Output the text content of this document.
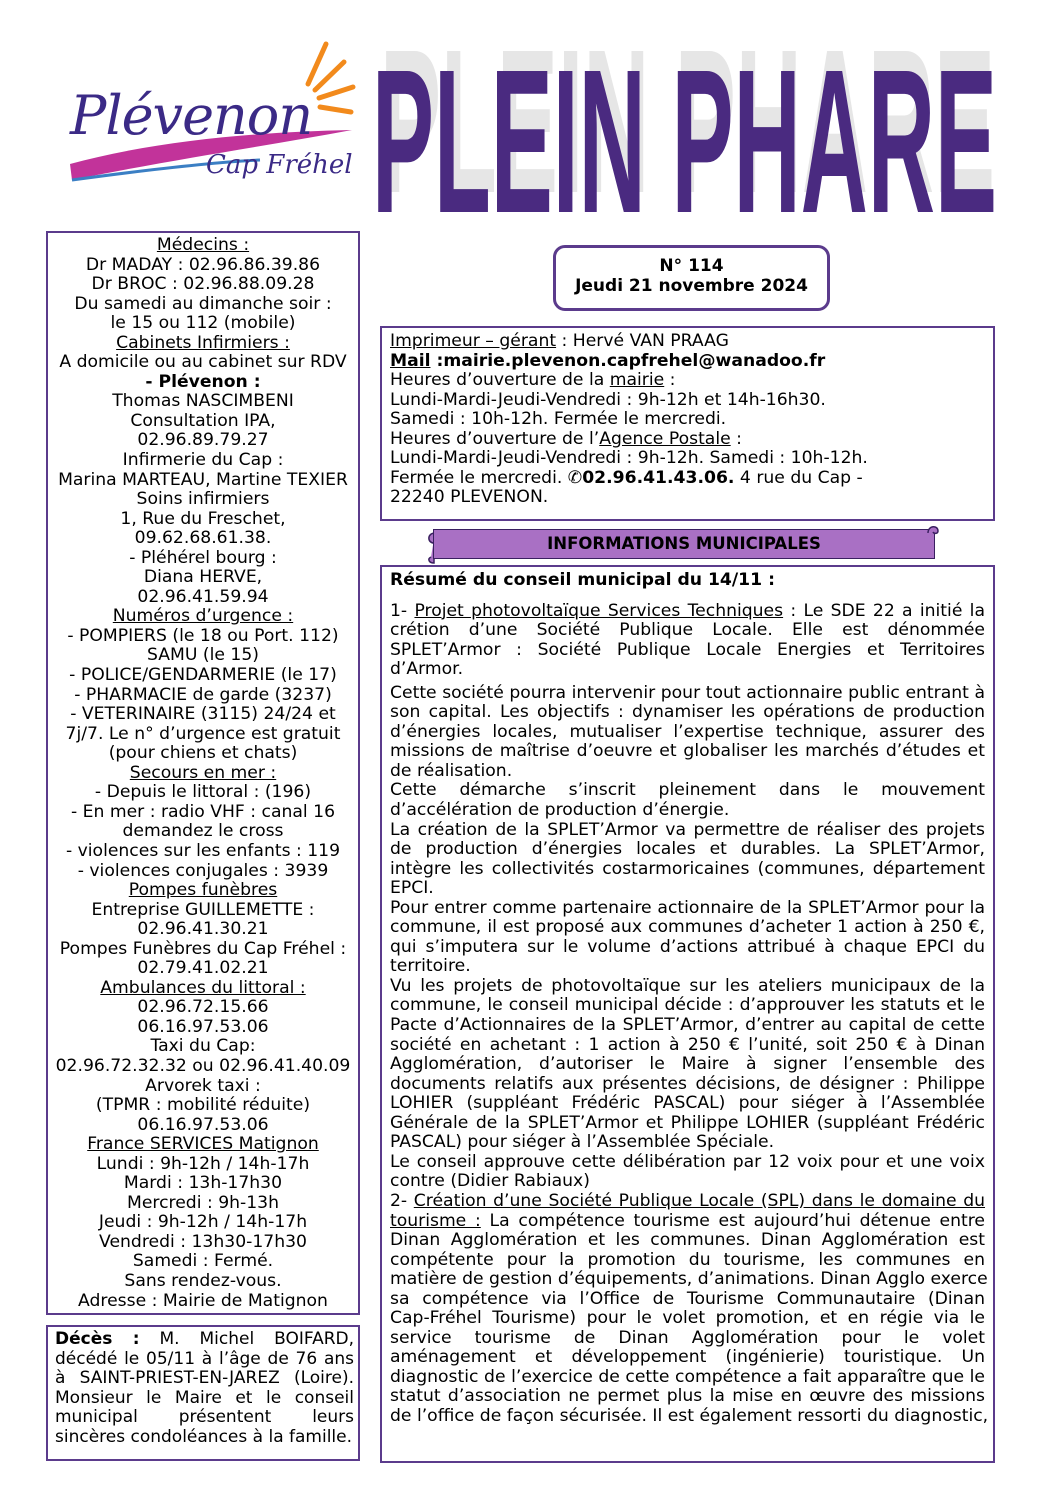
Plévenon
Cap Fréhel PLEIN PHARE
PLEIN PHARE
Médecins :
Dr MADAY : 02.96.86.39.86
Dr BROC : 02.96.88.09.28
Du samedi au dimanche soir :
le 15 ou 112 (mobile)
Cabinets Infirmiers :
A domicile ou au cabinet sur RDV
- Plévenon :
Thomas NASCIMBENI
Consultation IPA,
02.96.89.79.27
Infirmerie du Cap :
Marina MARTEAU, Martine TEXIER
Soins infirmiers
1, Rue du Freschet,
09.62.68.61.38.
- Pléhérel bourg :
Diana HERVE,
02.96.41.59.94
Numéros d’urgence :
- POMPIERS (le 18 ou Port. 112)
SAMU (le 15)
- POLICE/GENDARMERIE (le 17)
- PHARMACIE de garde (3237)
- VETERINAIRE (3115) 24/24 et
7j/7. Le n° d’urgence est gratuit
(pour chiens et chats)
Secours en mer :
- Depuis le littoral : (196)
- En mer : radio VHF : canal 16
demandez le cross
- violences sur les enfants : 119
- violences conjugales : 3939
Pompes funèbres
Entreprise GUILLEMETTE :
02.96.41.30.21
Pompes Funèbres du Cap Fréhel :
02.79.41.02.21
Ambulances du littoral :
02.96.72.15.66
06.16.97.53.06
Taxi du Cap:
02.96.72.32.32 ou 02.96.41.40.09
Arvorek taxi :
(TPMR : mobilité réduite)
06.16.97.53.06
France SERVICES Matignon
Lundi : 9h-12h / 14h-17h
Mardi : 13h-17h30
Mercredi : 9h-13h
Jeudi : 9h-12h / 14h-17h
Vendredi : 13h30-17h30
Samedi : Fermé.
Sans rendez-vous.
Adresse : Mairie de Matignon
Décès : M. Michel BOIFARD,
décédé le 05/11 à l’âge de 76 ans
à SAINT-PRIEST-EN-JAREZ (Loire).
Monsieur le Maire et le conseil
municipal présentent leurs
sincères condoléances à la famille.
N° 114
Jeudi 21 novembre 2024
Imprimeur – gérant : Hervé VAN PRAAG
Mail :mairie.plevenon.capfrehel@wanadoo.fr
Heures d’ouverture de la mairie :
Lundi-Mardi-Jeudi-Vendredi : 9h-12h et 14h-16h30.
Samedi : 10h-12h. Fermée le mercredi.
Heures d’ouverture de l’Agence Postale :
Lundi-Mardi-Jeudi-Vendredi : 9h-12h. Samedi : 10h-12h.
Fermée le mercredi. ✆02.96.41.43.06. 4 rue du Cap -
22240 PLEVENON.
INFORMATIONS MUNICIPALES
Résumé du conseil municipal du 14/11 :
1- Projet photovoltaïque Services Techniques : Le SDE 22 a initié la
crétion d’une Société Publique Locale. Elle est dénommée
SPLET’Armor : Société Publique Locale Energies et Territoires
d’Armor.
Cette société pourra intervenir pour tout actionnaire public entrant à
son capital. Les objectifs : dynamiser les opérations de production
d’énergies locales, mutualiser l’expertise technique, assurer des
missions de maîtrise d’oeuvre et globaliser les marchés d’études et
de réalisation.
Cette démarche s’inscrit pleinement dans le mouvement
d’accélération de production d’énergie.
La création de la SPLET’Armor va permettre de réaliser des projets
de production d’énergies locales et durables. La SPLET’Armor,
intègre les collectivités costarmoricaines (communes, département
EPCI.
Pour entrer comme partenaire actionnaire de la SPLET’Armor pour la
commune, il est proposé aux communes d’acheter 1 action à 250 €,
qui s’imputera sur le volume d’actions attribué à chaque EPCI du
territoire.
Vu les projets de photovoltaïque sur les ateliers municipaux de la
commune, le conseil municipal décide : d’approuver les statuts et le
Pacte d’Actionnaires de la SPLET’Armor, d’entrer au capital de cette
société en achetant : 1 action à 250 € l’unité, soit 250 € à Dinan
Agglomération, d’autoriser le Maire à signer l’ensemble des
documents relatifs aux présentes décisions, de désigner : Philippe
LOHIER (suppléant Frédéric PASCAL) pour siéger à l’Assemblée
Générale de la SPLET’Armor et Philippe LOHIER (suppléant Frédéric
PASCAL) pour siéger à l’Assemblée Spéciale.
Le conseil approuve cette délibération par 12 voix pour et une voix
contre (Didier Rabiaux)
2- Création d’une Société Publique Locale (SPL) dans le domaine du
tourisme : La compétence tourisme est aujourd’hui détenue entre
Dinan Agglomération et les communes. Dinan Agglomération est
compétente pour la promotion du tourisme, les communes en
matière de gestion d’équipements, d’animations. Dinan Agglo exerce
sa compétence via l’Office de Tourisme Communautaire (Dinan
Cap-Fréhel Tourisme) pour le volet promotion, et en régie via le
service tourisme de Dinan Agglomération pour le volet
aménagement et développement (ingénierie) touristique. Un
diagnostic de l’exercice de cette compétence a fait apparaître que le
statut d’association ne permet plus la mise en œuvre des missions
de l’office de façon sécurisée. Il est également ressorti du diagnostic,
